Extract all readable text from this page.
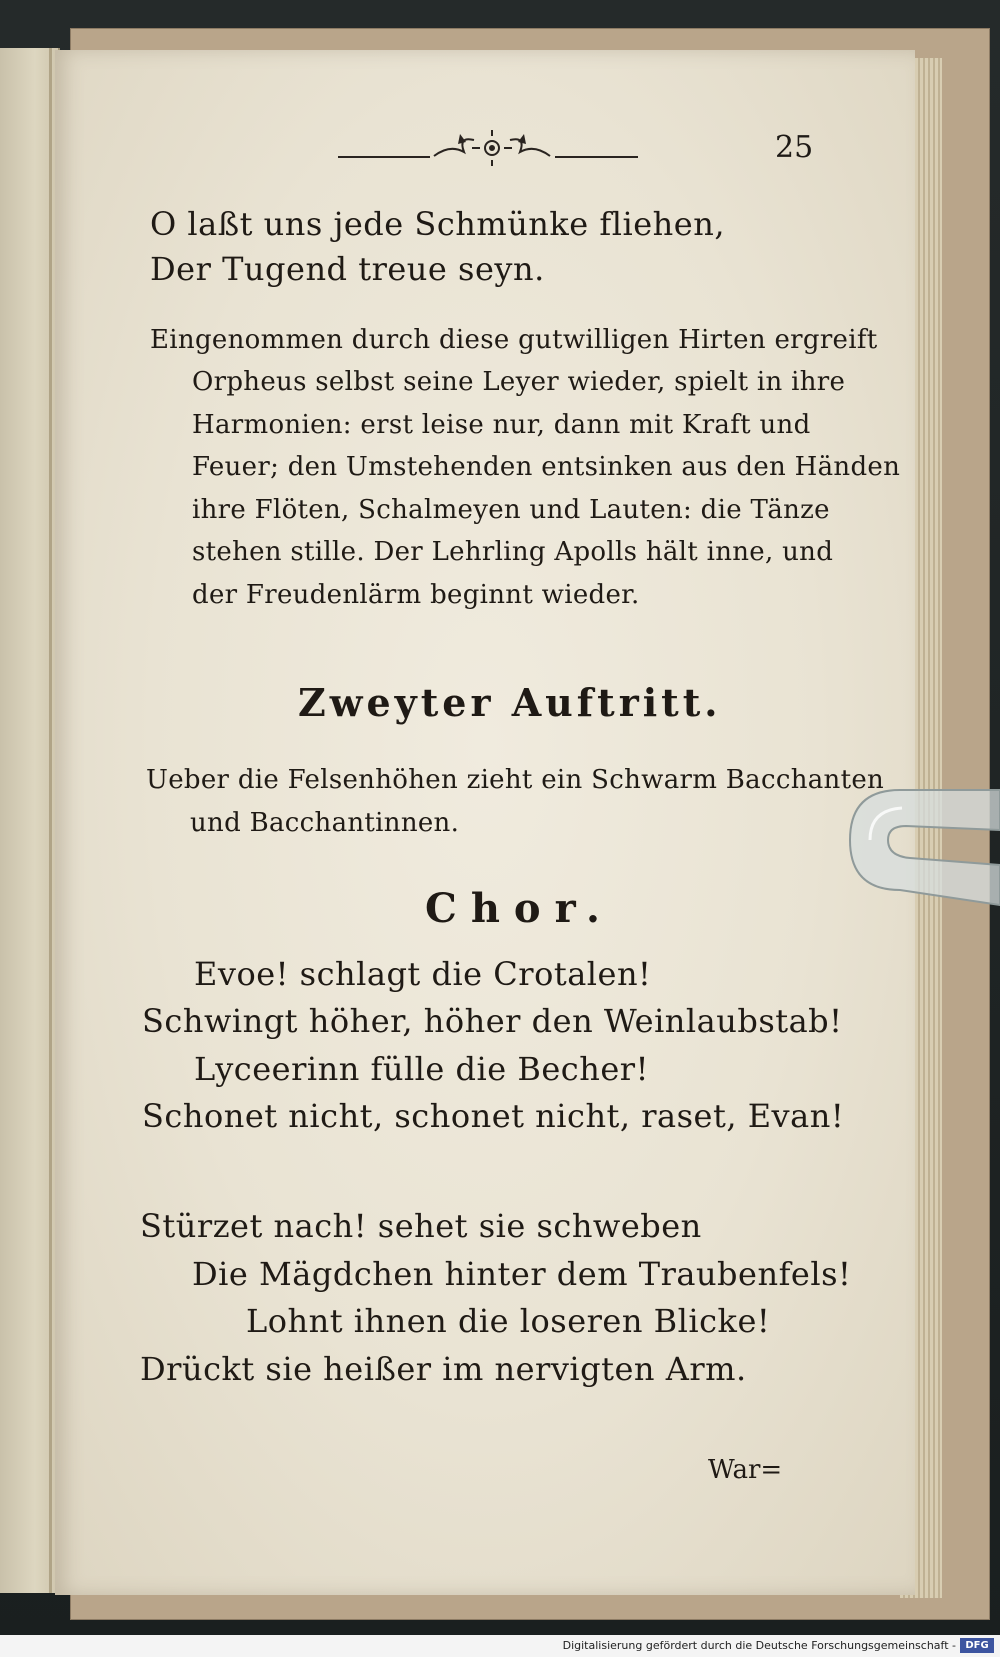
25
O laßt uns jede Schmünke fliehen,
Der Tugend treue seyn.
Eingenommen durch diese gutwilligen Hirten ergreift
Orpheus selbst seine Leyer wieder, spielt in ihre
Harmonien: erst leise nur, dann mit Kraft und
Feuer; den Umstehenden entsinken aus den Händen
ihre Flöten, Schalmeyen und Lauten: die Tänze
stehen stille. Der Lehrling Apolls hält inne, und
der Freudenlärm beginnt wieder.
Zweyter Auftritt.
Ueber die Felsenhöhen zieht ein Schwarm Bacchanten
und Bacchantinnen.
Chor.
Evoe! schlagt die Crotalen!
Schwingt höher, höher den Weinlaubstab!
Lyceerinn fülle die Becher!
Schonet nicht, schonet nicht, raset, Evan!
Stürzet nach! sehet sie schweben
Die Mägdchen hinter dem Traubenfels!
Lohnt ihnen die loseren Blicke!
Drückt sie heißer im nervigten Arm.
War=
Digitalisierung gefördert durch die Deutsche Forschungsgemeinschaft - DFG
